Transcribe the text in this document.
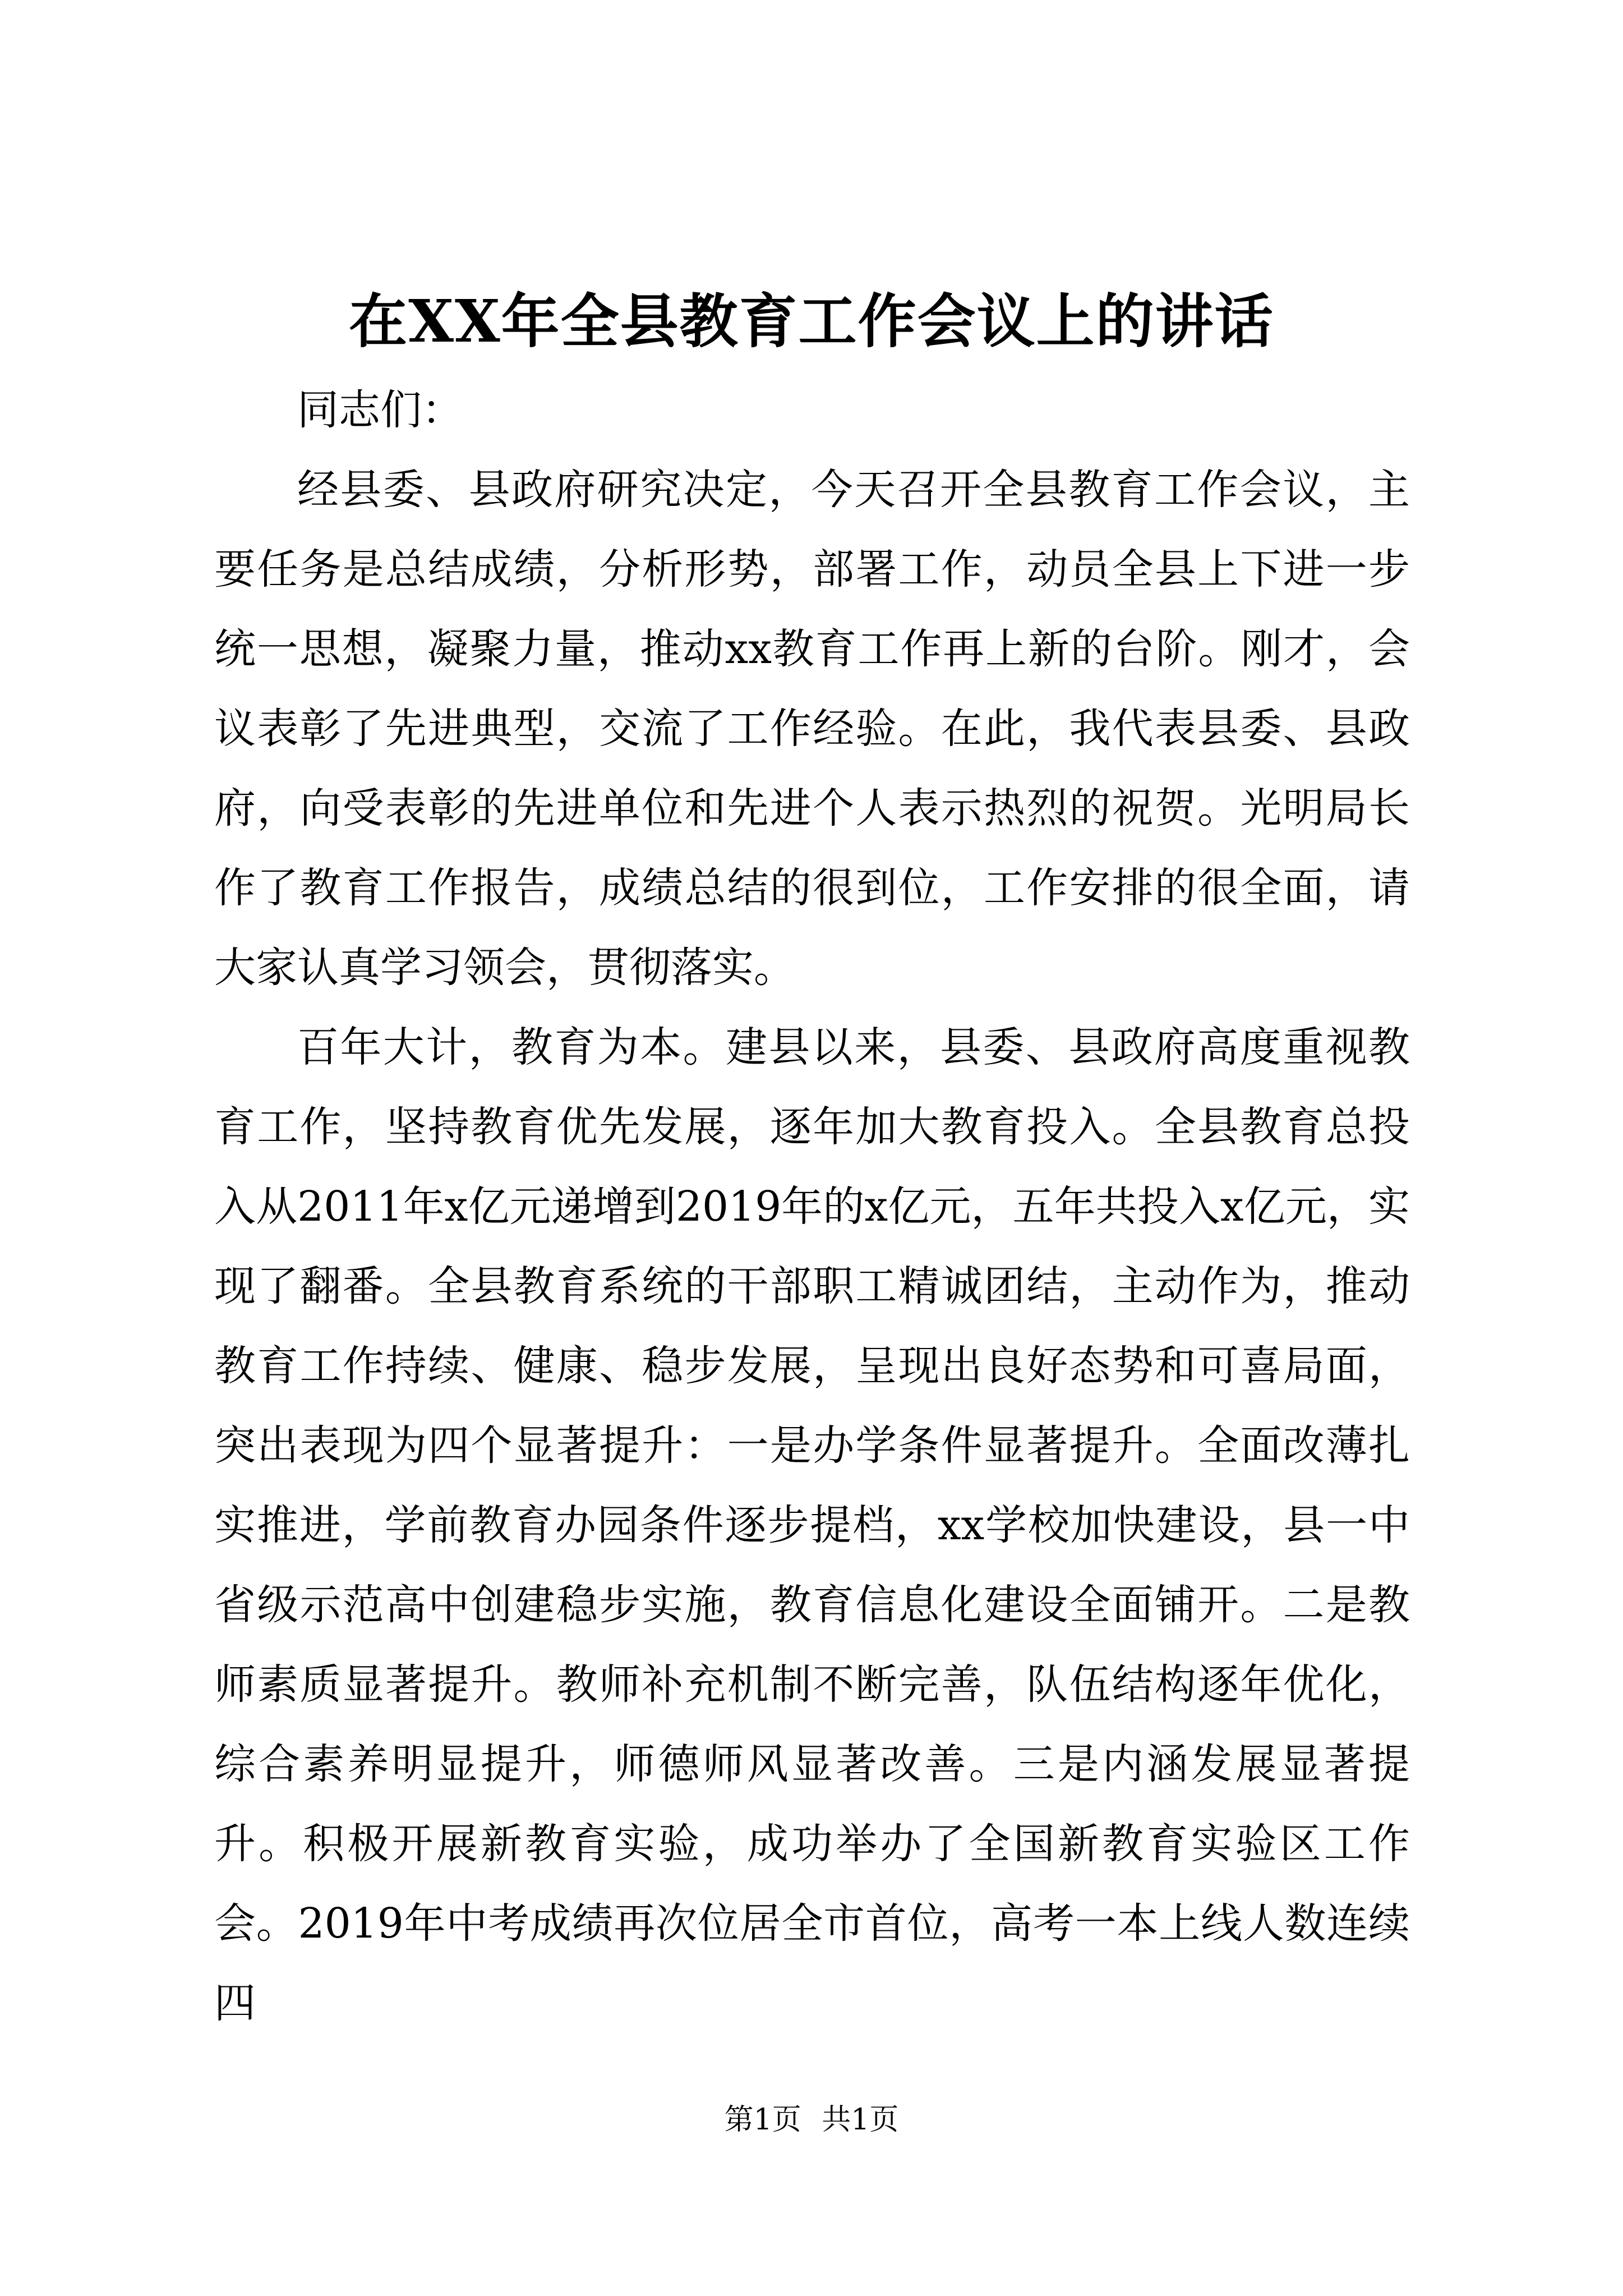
在XX年全县教育工作会议上的讲话

同志们：

经县委、县政府研究决定，今天召开全县教育工作会议，主要任务是总结成绩，分析形势，部署工作，动员全县上下进一步统一思想，凝聚力量，推动xx教育工作再上新的台阶。刚才，会议表彰了先进典型，交流了工作经验。在此，我代表县委、县政府，向受表彰的先进单位和先进个人表示热烈的祝贺。光明局长作了教育工作报告，成绩总结的很到位，工作安排的很全面，请大家认真学习领会，贯彻落实。

百年大计，教育为本。建县以来，县委、县政府高度重视教育工作，坚持教育优先发展，逐年加大教育投入。全县教育总投入从2011年x亿元递增到2019年的x亿元，五年共投入x亿元，实现了翻番。全县教育系统的干部职工精诚团结，主动作为，推动教育工作持续、健康、稳步发展，呈现出良好态势和可喜局面，突出表现为四个显著提升：一是办学条件显著提升。全面改薄扎实推进，学前教育办园条件逐步提档，xx学校加快建设，县一中省级示范高中创建稳步实施，教育信息化建设全面铺开。二是教师素质显著提升。教师补充机制不断完善，队伍结构逐年优化，综合素养明显提升，师德师风显著改善。三是内涵发展显著提升。积极开展新教育实验，成功举办了全国新教育实验区工作会。2019年中考成绩再次位居全市首位，高考一本上线人数连续四

第1页 共1页
